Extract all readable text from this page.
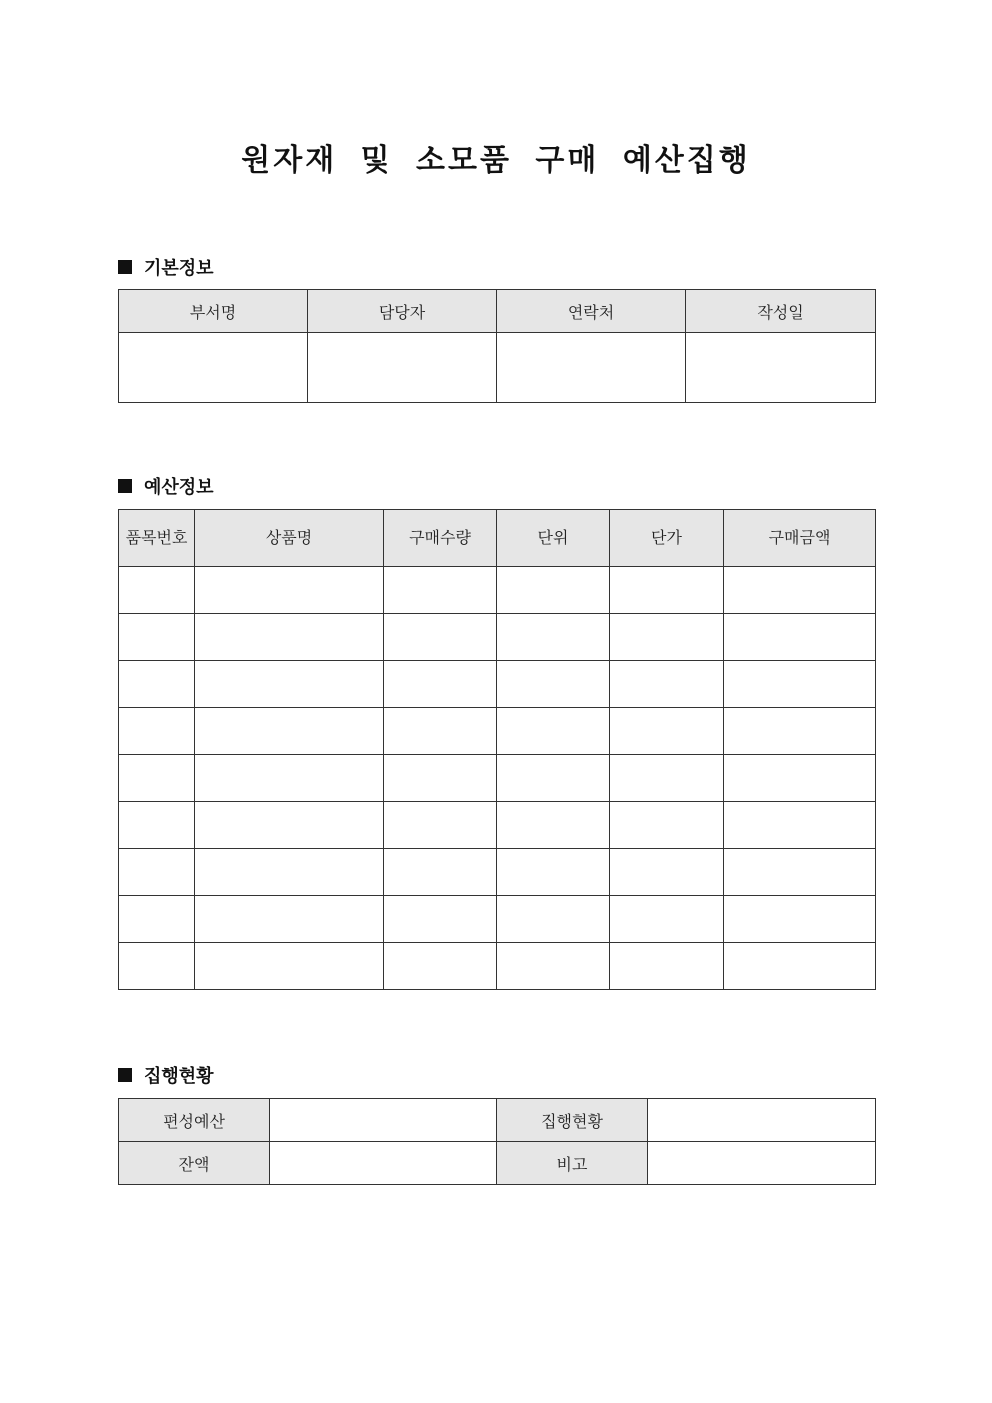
원자재 및 소모품 구매 예산집행
기본정보
부서명	담당자	연락처	작성일

예산정보
품목번호	상품명	구매수량	단위	단가	구매금액

집행현황
편성예산		집행현황	
잔액		비고	
